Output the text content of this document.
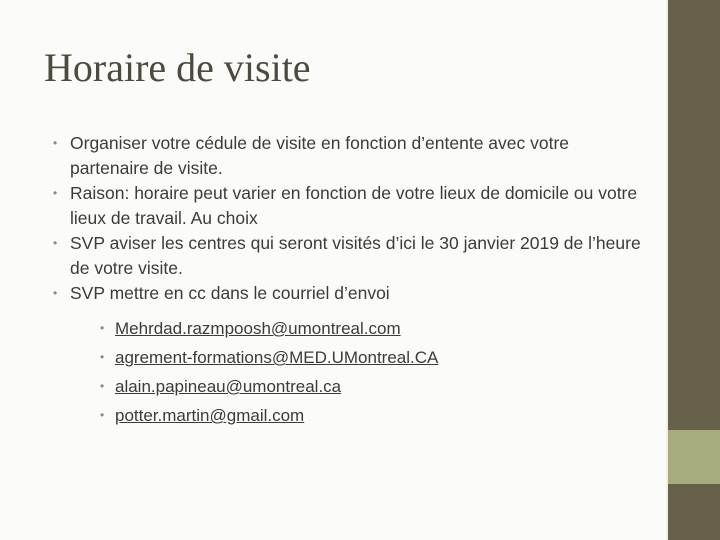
Horaire de visite
• Organiser votre cédule de visite en fonction d’entente avec votre partenaire de visite.
• Raison: horaire peut varier en fonction de votre lieux de domicile ou votre lieux de travail. Au choix
• SVP aviser les centres qui seront visités d’ici le 30 janvier 2019 de l’heure de votre visite.
• SVP mettre en cc dans le courriel d’envoi
• Mehrdad.razmpoosh@umontreal.com
• agrement-formations@MED.UMontreal.CA
• alain.papineau@umontreal.ca
• potter.martin@gmail.com
